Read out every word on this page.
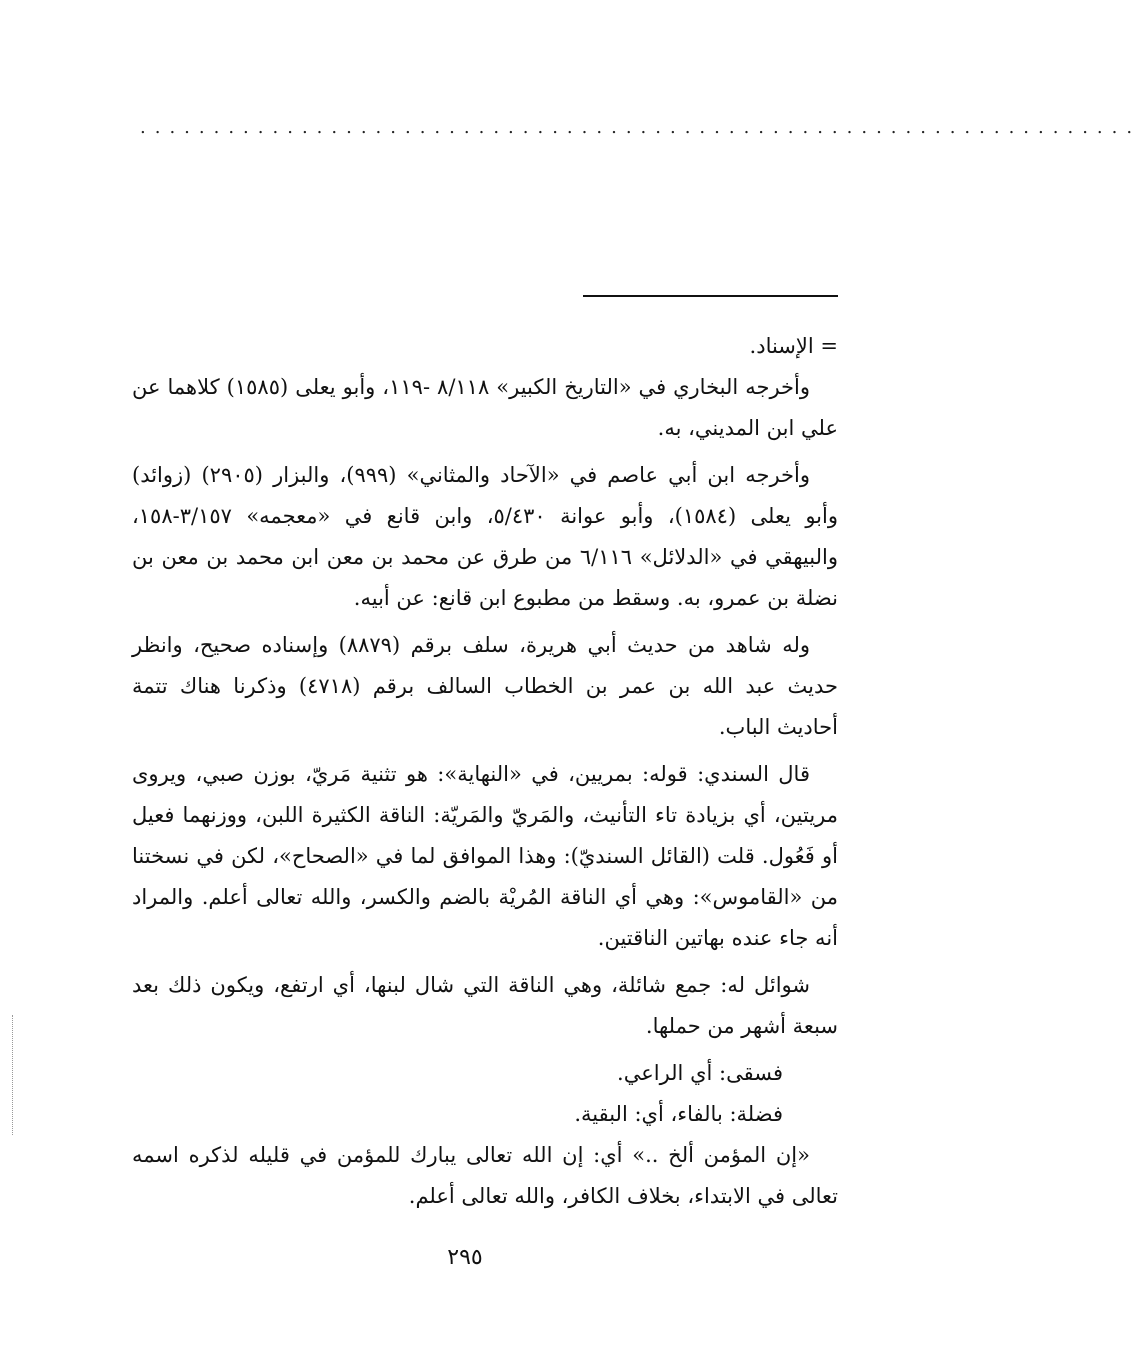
....................................................................

= الإسناد.

وأخرجه البخاري في «التاريخ الكبير» ٨/١١٨ -١١٩، وأبو يعلى (١٥٨٥) كلاهما عن علي ابن المديني، به.

وأخرجه ابن أبي عاصم في «الآحاد والمثاني» (٩٩٩)، والبزار (٢٩٠٥) (زوائد) وأبو يعلى (١٥٨٤)، وأبو عوانة ٥/٤٣٠، وابن قانع في «معجمه» ٣/١٥٧-١٥٨، والبيهقي في «الدلائل» ٦/١١٦ من طرق عن محمد بن معن ابن محمد بن معن بن نضلة بن عمرو، به. وسقط من مطبوع ابن قانع: عن أبيه.

وله شاهد من حديث أبي هريرة، سلف برقم (٨٨٧٩) وإسناده صحيح، وانظر حديث عبد الله بن عمر بن الخطاب السالف برقم (٤٧١٨) وذكرنا هناك تتمة أحاديث الباب.

قال السندي: قوله: بمريين، في «النهاية»: هو تثنية مَريّ، بوزن صبي، ويروى مريتين، أي بزيادة تاء التأنيث، والمَريّ والمَريّة: الناقة الكثيرة اللبن، ووزنهما فعيل أو فَعُول. قلت (القائل السنديّ): وهذا الموافق لما في «الصحاح»، لكن في نسختنا من «القاموس»: وهي أي الناقة المُريْة بالضم والكسر، والله تعالى أعلم. والمراد أنه جاء عنده بهاتين الناقتين.

شوائل له: جمع شائلة، وهي الناقة التي شال لبنها، أي ارتفع، ويكون ذلك بعد سبعة أشهر من حملها.

فسقى: أي الراعي.

فضلة: بالفاء، أي: البقية.

«إن المؤمن ألخ ..» أي: إن الله تعالى يبارك للمؤمن في قليله لذكره اسمه تعالى في الابتداء، بخلاف الكافر، والله تعالى أعلم.

٢٩٥
